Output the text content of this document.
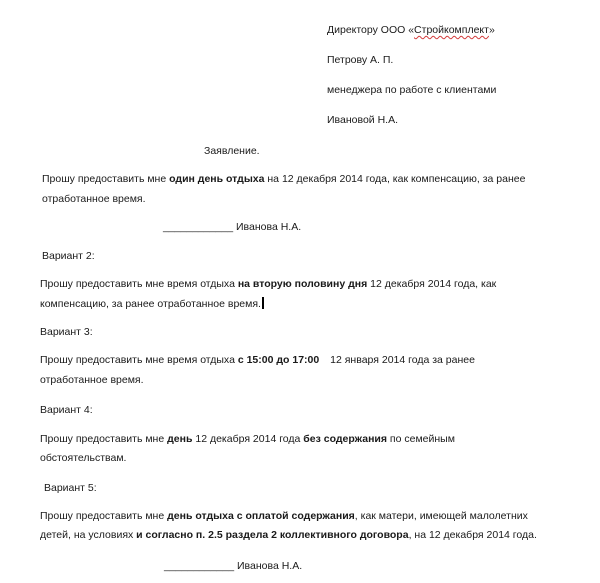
Директору ООО «Стройкомплект»
Петрову А. П.
менеджера по работе с клиентами
Ивановой Н.А.
Заявление.
Прошу предоставить мне один день отдыха на 12 декабря 2014 года, как компенсацию, за ранее
отработанное время.
____________ Иванова Н.А.
Вариант 2:
Прошу предоставить мне время отдыха на вторую половину дня 12 декабря 2014 года, как
компенсацию, за ранее отработанное время.
Вариант 3:
Прошу предоставить мне время отдыха с 15:00 до 17:00 12 января 2014 года за ранее
отработанное время.
Вариант 4:
Прошу предоставить мне день 12 декабря 2014 года без содержания по семейным
обстоятельствам.
Вариант 5:
Прошу предоставить мне день отдыха с оплатой содержания, как матери, имеющей малолетних
детей, на условиях и согласно п. 2.5 раздела 2 коллективного договора, на 12 декабря 2014 года.
____________ Иванова Н.А.
